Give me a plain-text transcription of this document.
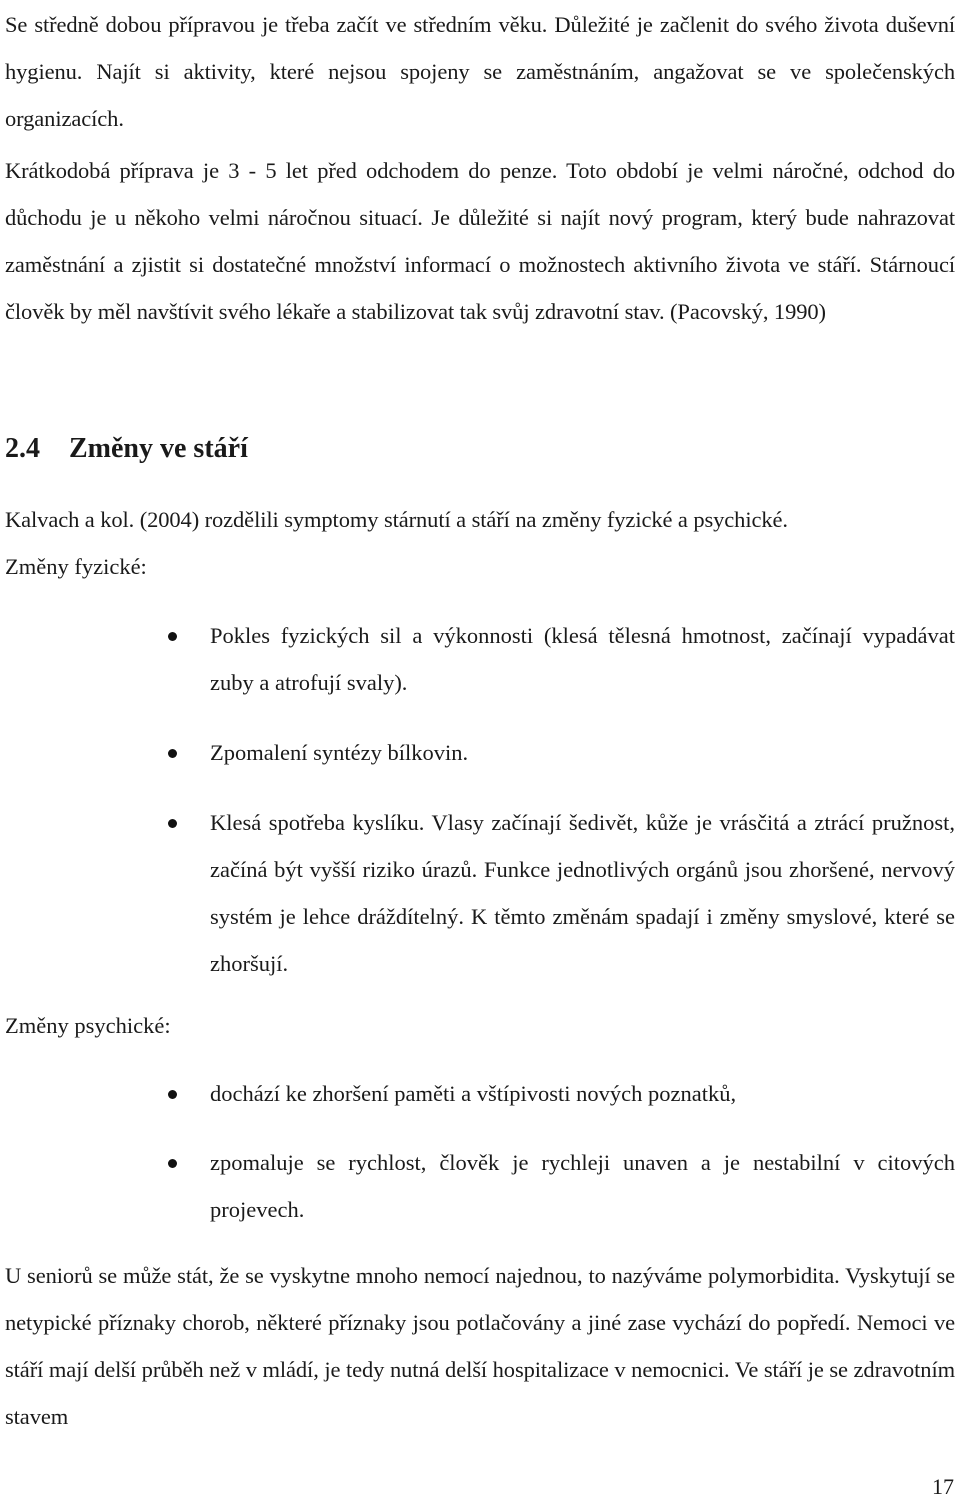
Se středně dobou přípravou je třeba začít ve středním věku. Důležité je začlenit do svého života duševní hygienu. Najít si aktivity, které nejsou spojeny se zaměstnáním, angažovat se ve společenských organizacích.

Krátkodobá příprava je 3 - 5 let před odchodem do penze. Toto období je velmi náročné, odchod do důchodu je u někoho velmi náročnou situací. Je důležité si najít nový program, který bude nahrazovat zaměstnání a zjistit si dostatečné množství informací o možnostech aktivního života ve stáří. Stárnoucí člověk by měl navštívit svého lékaře a stabilizovat tak svůj zdravotní stav. (Pacovský, 1990)

2.4 Změny ve stáří

Kalvach a kol. (2004) rozdělili symptomy stárnutí a stáří na změny fyzické a psychické.

Změny fyzické:

Pokles fyzických sil a výkonnosti (klesá tělesná hmotnost, začínají vypadávat zuby a atrofují svaly).
Zpomalení syntézy bílkovin.
Klesá spotřeba kyslíku. Vlasy začínají šedivět, kůže je vrásčitá a ztrácí pružnost, začíná být vyšší riziko úrazů. Funkce jednotlivých orgánů jsou zhoršené, nervový systém je lehce dráždítelný. K těmto změnám spadají i změny smyslové, které se zhoršují.

Změny psychické:

dochází ke zhoršení paměti a vštípivosti nových poznatků,
zpomaluje se rychlost, člověk je rychleji unaven a je nestabilní v citových projevech.

U seniorů se může stát, že se vyskytne mnoho nemocí najednou, to nazýváme polymorbidita. Vyskytují se netypické příznaky chorob, některé příznaky jsou potlačovány a jiné zase vychází do popředí. Nemoci ve stáří mají delší průběh než v mládí, je tedy nutná delší hospitalizace v nemocnici. Ve stáří je se zdravotním stavem

17
